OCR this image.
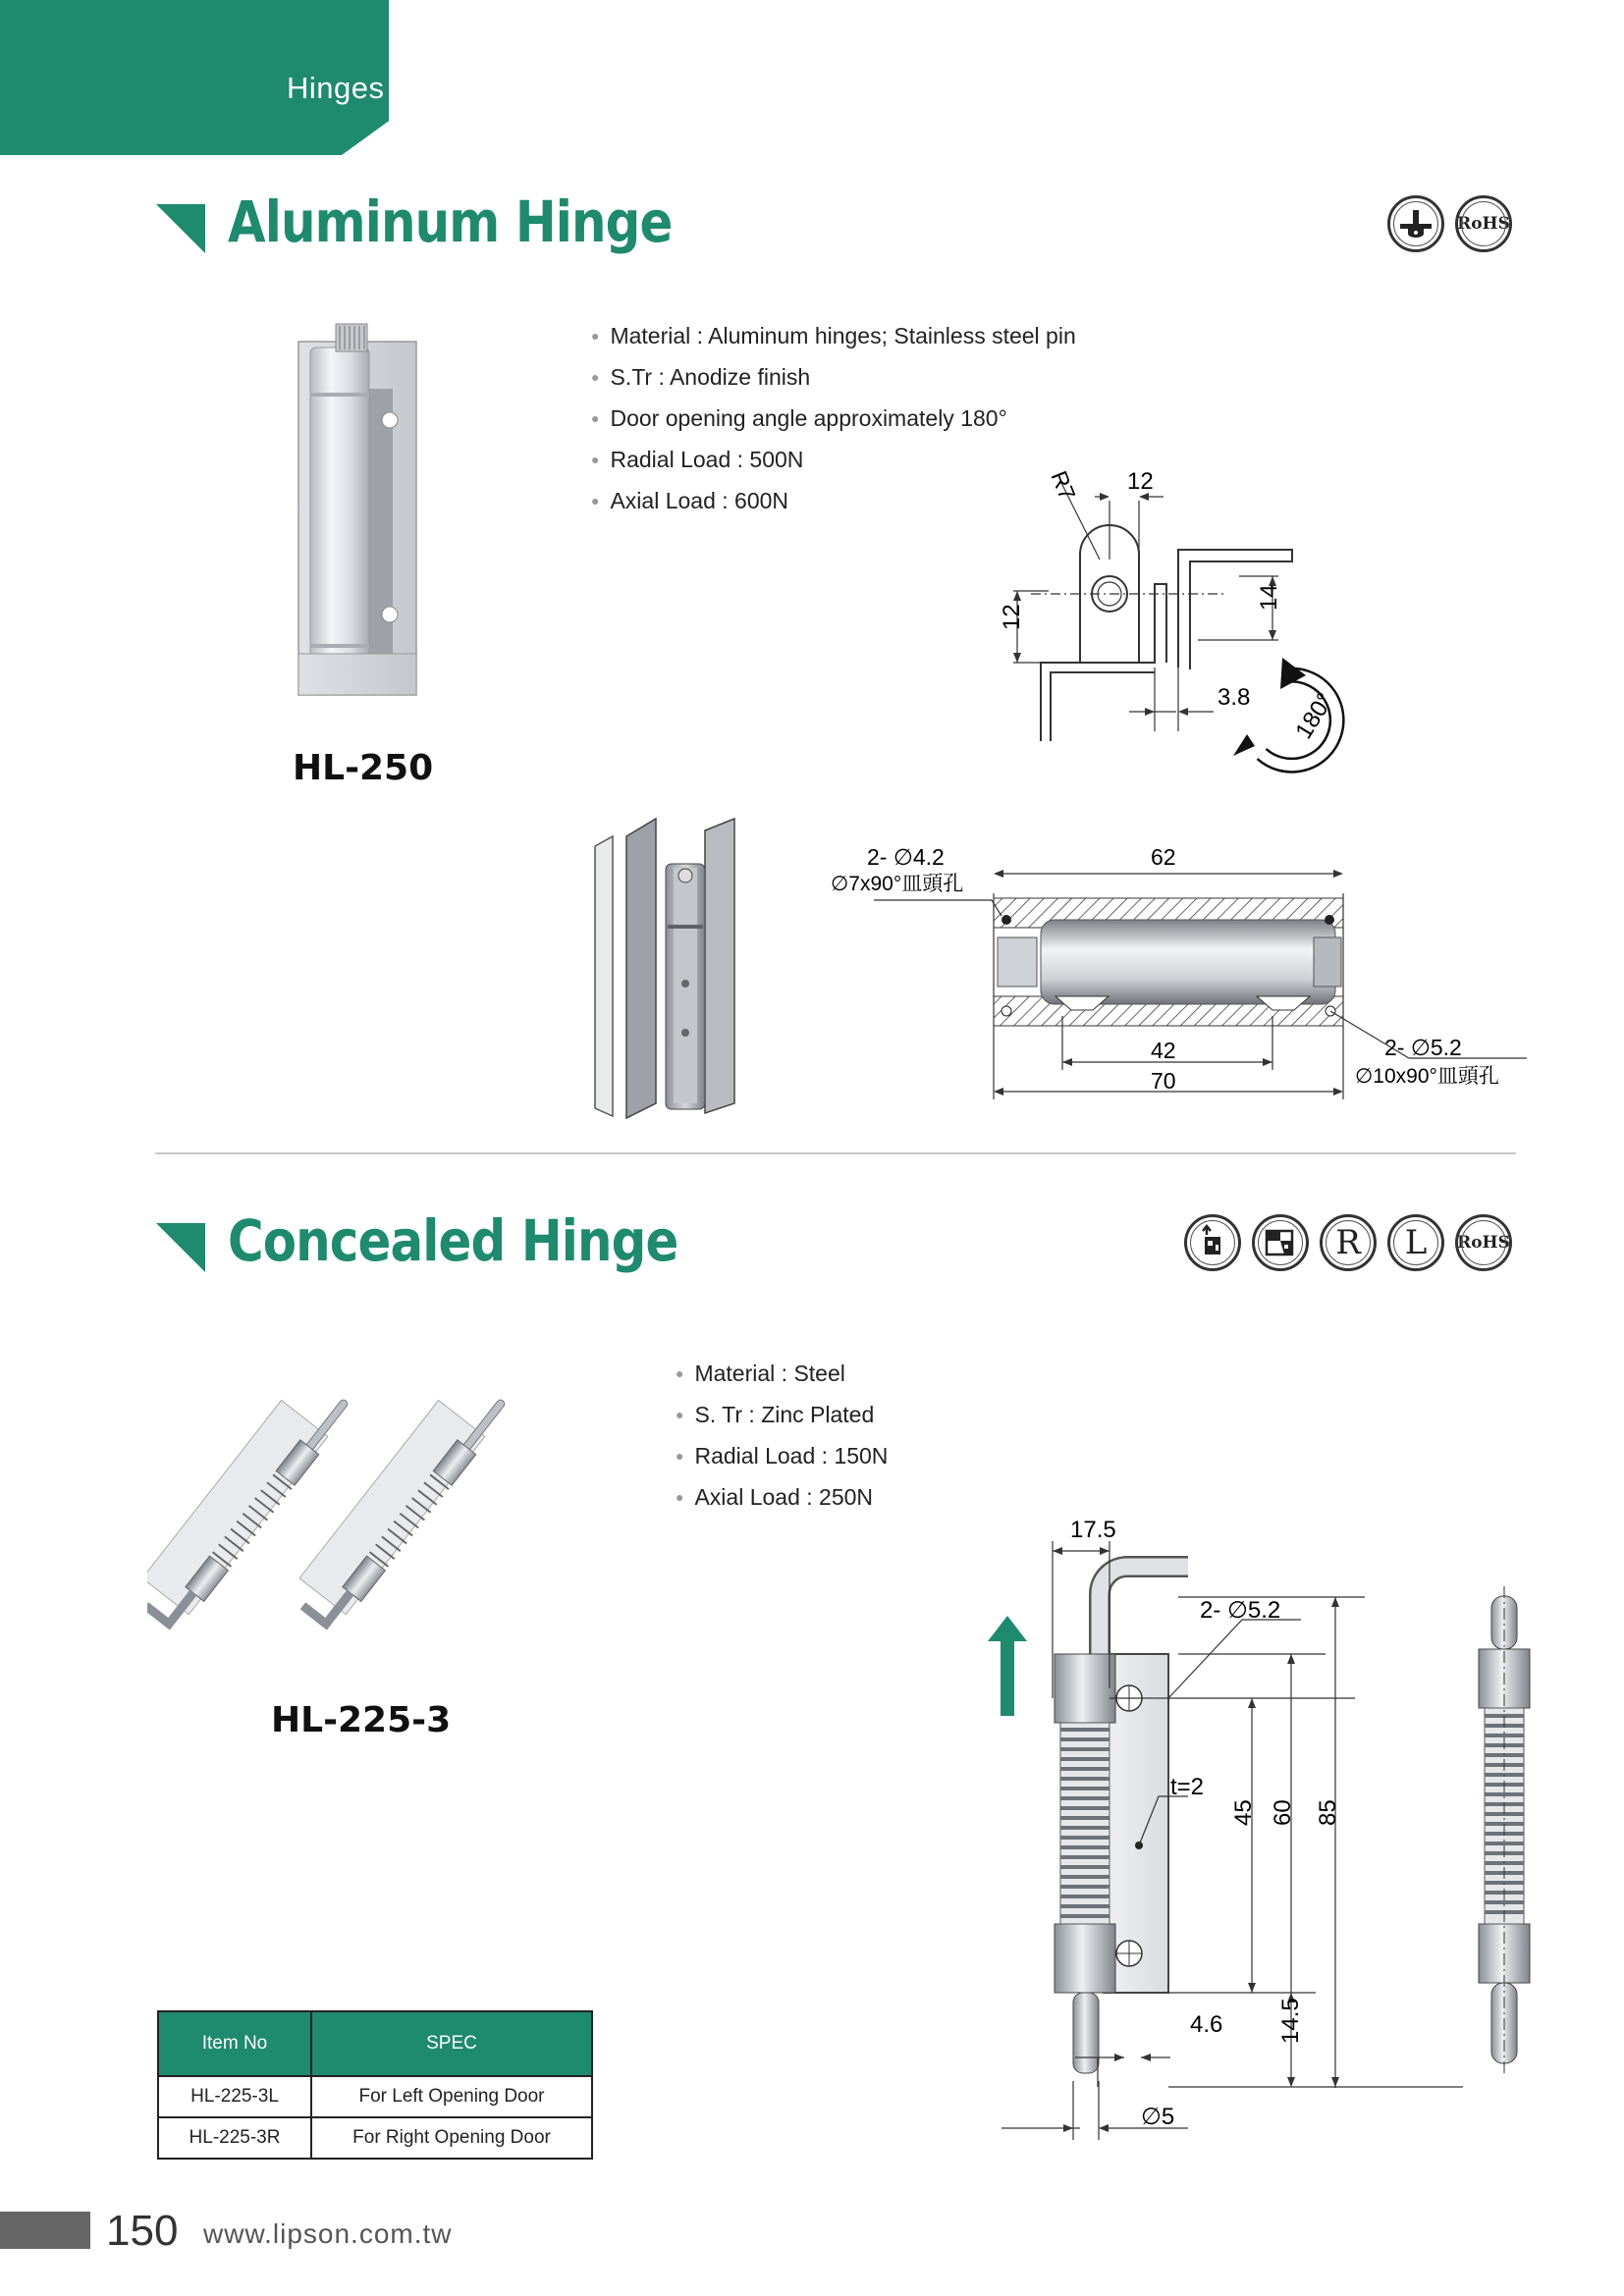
Hinges
Aluminum Hinge	RoHS
HL-250
● Material : Aluminum hinges; Stainless steel pin
● S.Tr : Anodize finish
● Door opening angle approximately 180°
● Radial Load : 500N
● Axial Load : 600N	R7 12
12
14
3.8 180°
2- ∅4.2
∅7x90°皿頭孔
62
42
70
2- ∅5.2
∅10x90°皿頭孔
Concealed Hinge	R	L	RoHS
HL-225-3
● Material : Steel
● S. Tr : Zinc Plated
● Radial Load : 150N
● Axial Load : 250N
17.5
2- ∅5.2
t=2
45 60 85
4.6 14.5
∅5
Item No	SPEC
HL-225-3L	For Left Opening Door
HL-225-3R	For Right Opening Door
150 www.lipson.com.tw
